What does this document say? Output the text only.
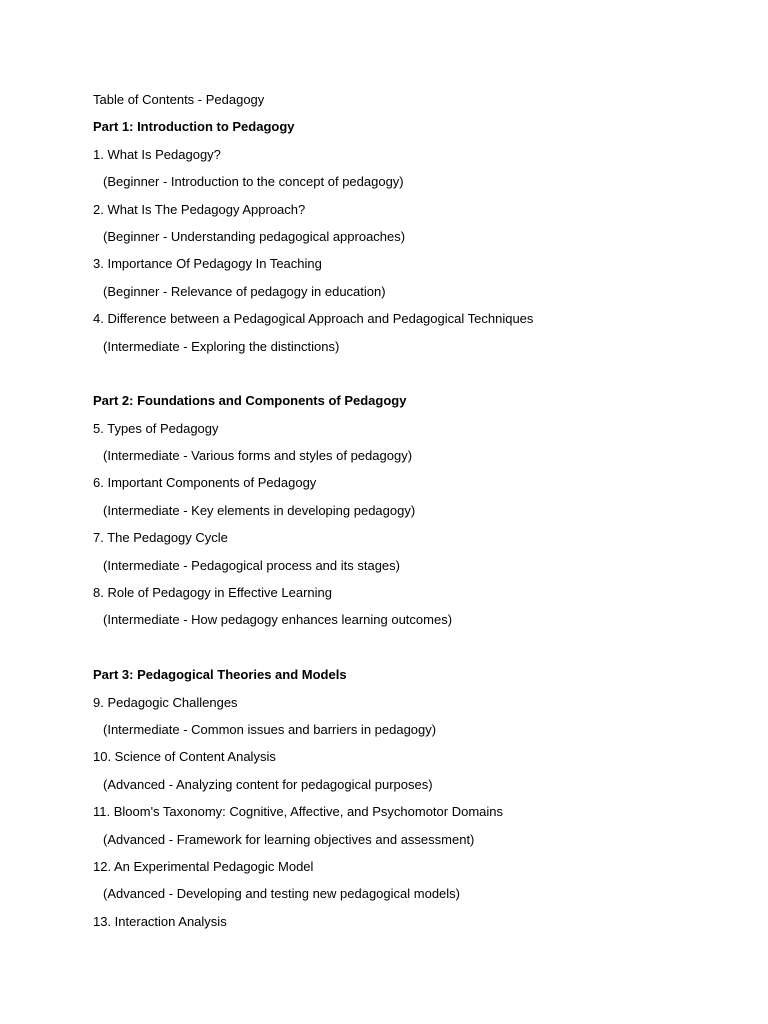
Table of Contents - Pedagogy
Part 1: Introduction to Pedagogy
1. What Is Pedagogy?
(Beginner - Introduction to the concept of pedagogy)
2. What Is The Pedagogy Approach?
(Beginner - Understanding pedagogical approaches)
3. Importance Of Pedagogy In Teaching
(Beginner - Relevance of pedagogy in education)
4. Difference between a Pedagogical Approach and Pedagogical Techniques
(Intermediate - Exploring the distinctions)
Part 2: Foundations and Components of Pedagogy
5. Types of Pedagogy
(Intermediate - Various forms and styles of pedagogy)
6. Important Components of Pedagogy
(Intermediate - Key elements in developing pedagogy)
7. The Pedagogy Cycle
(Intermediate - Pedagogical process and its stages)
8. Role of Pedagogy in Effective Learning
(Intermediate - How pedagogy enhances learning outcomes)
Part 3: Pedagogical Theories and Models
9. Pedagogic Challenges
(Intermediate - Common issues and barriers in pedagogy)
10. Science of Content Analysis
(Advanced - Analyzing content for pedagogical purposes)
11. Bloom's Taxonomy: Cognitive, Affective, and Psychomotor Domains
(Advanced - Framework for learning objectives and assessment)
12. An Experimental Pedagogic Model
(Advanced - Developing and testing new pedagogical models)
13. Interaction Analysis
